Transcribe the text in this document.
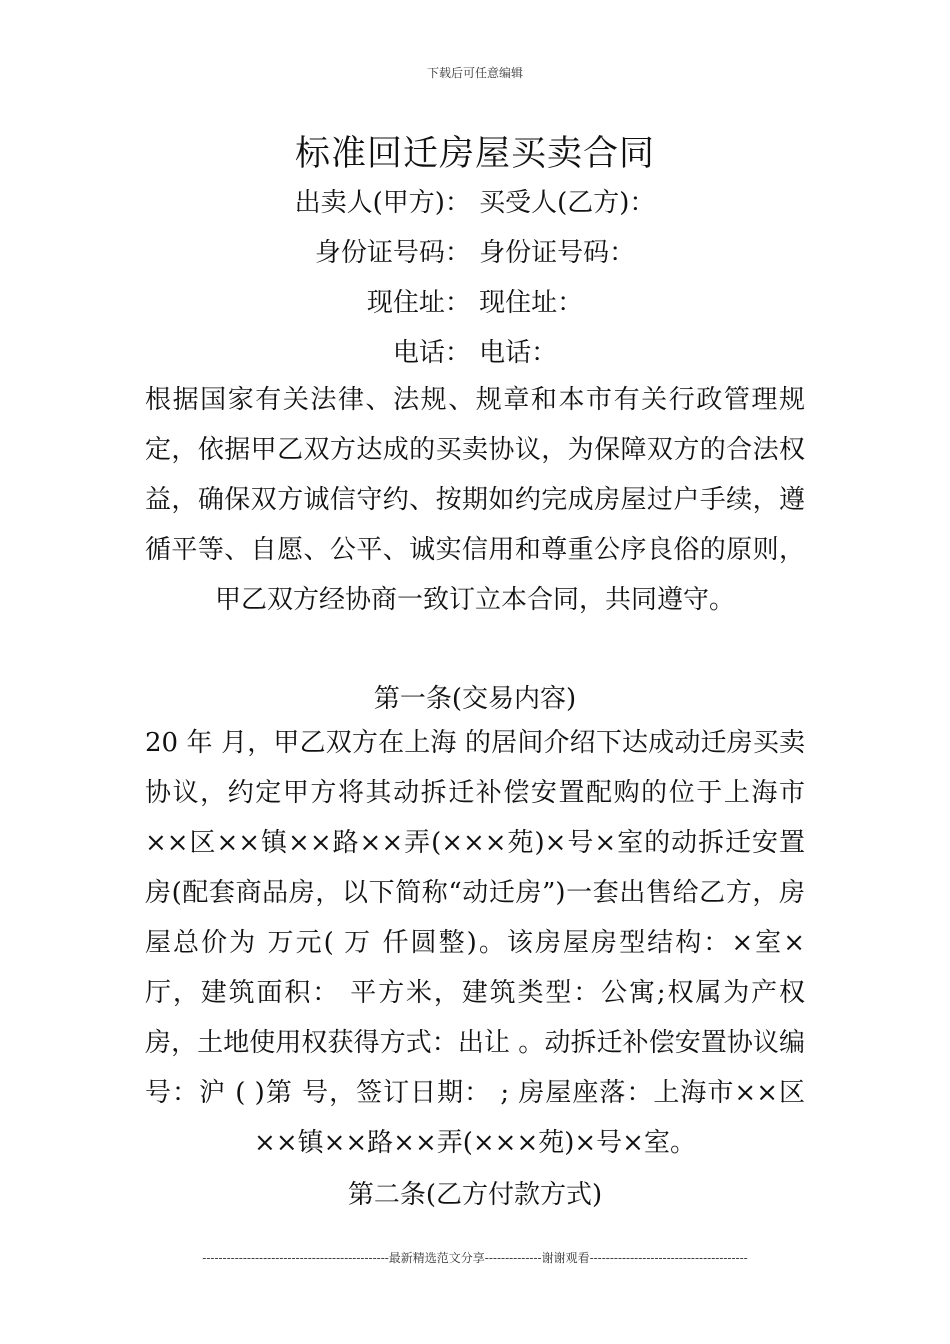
下载后可任意编辑
标准回迁房屋买卖合同
出卖人(甲方)： 买受人(乙方)：
身份证号码： 身份证号码：
现住址： 现住址：
电话： 电话：
根据国家有关法律、法规、规章和本市有关行政管理规定，依据甲乙双方达成的买卖协议，为保障双方的合法权益，确保双方诚信守约、按期如约完成房屋过户手续，遵循平等、自愿、公平、诚实信用和尊重公序良俗的原则，甲乙双方经协商一致订立本合同，共同遵守。
第一条(交易内容)
20 年 月，甲乙双方在上海 的居间介绍下达成动迁房买卖协议，约定甲方将其动拆迁补偿安置配购的位于上海市××区××镇××路××弄(×××苑)×号×室的动拆迁安置房(配套商品房，以下简称“动迁房”)一套出售给乙方，房屋总价为 万元( 万 仟圆整)。该房屋房型结构：×室×厅，建筑面积： 平方米，建筑类型：公寓;权属为产权房，土地使用权获得方式：出让 。动拆迁补偿安置协议编号：沪 ( )第 号，签订日期： ; 房屋座落：上海市××区××镇××路××弄(×××苑)×号×室。
第二条(乙方付款方式)
----------------------------------------------最新精选范文分享--------------谢谢观看---------------------------------------
